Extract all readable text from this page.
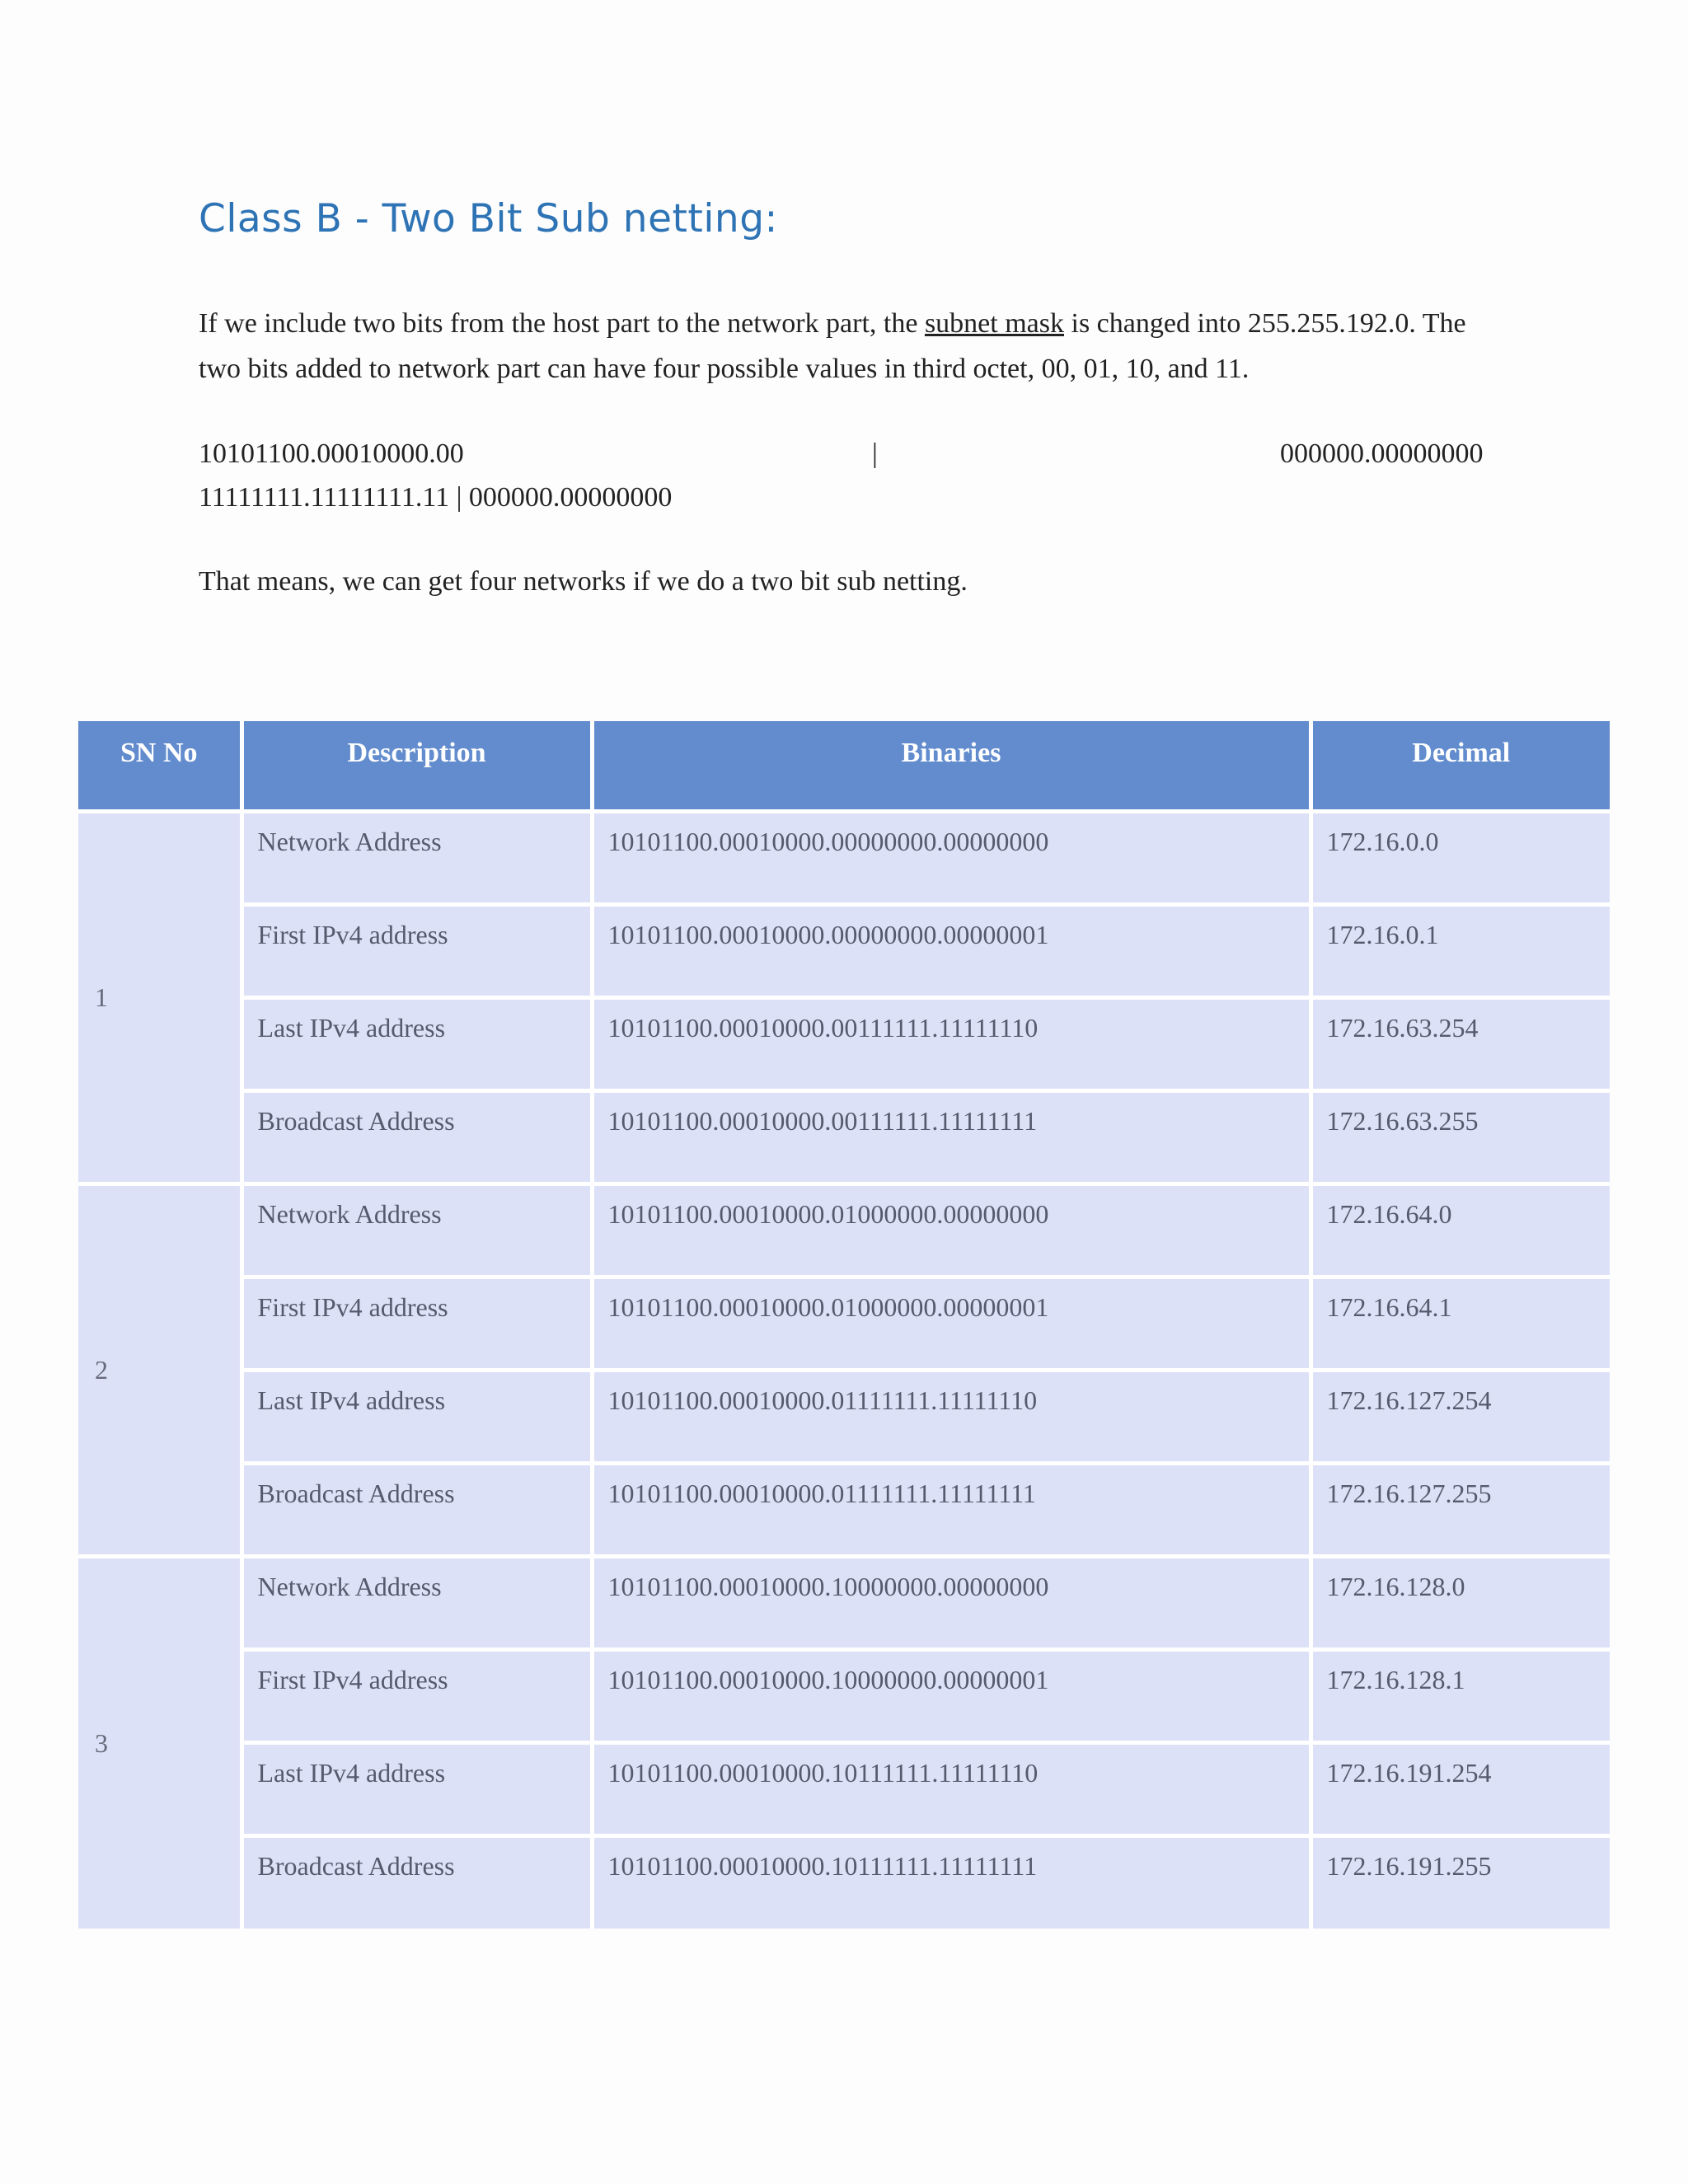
Class B - Two Bit Sub netting:
If we include two bits from the host part to the network part, the subnet mask is changed into 255.255.192.0. The two bits added to network part can have four possible values in third octet, 00, 01, 10, and 11.
10101100.00010000.00	|	000000.00000000
11111111.11111111.11 | 000000.00000000
That means, we can get four networks if we do a two bit sub netting.
SN No	Description	Binaries	Decimal
1	Network Address	10101100.00010000.00000000.00000000	172.16.0.0
	First IPv4 address	10101100.00010000.00000000.00000001	172.16.0.1
	Last IPv4 address	10101100.00010000.00111111.11111110	172.16.63.254
	Broadcast Address	10101100.00010000.00111111.11111111	172.16.63.255
2	Network Address	10101100.00010000.01000000.00000000	172.16.64.0
	First IPv4 address	10101100.00010000.01000000.00000001	172.16.64.1
	Last IPv4 address	10101100.00010000.01111111.11111110	172.16.127.254
	Broadcast Address	10101100.00010000.01111111.11111111	172.16.127.255
3	Network Address	10101100.00010000.10000000.00000000	172.16.128.0
	First IPv4 address	10101100.00010000.10000000.00000001	172.16.128.1
	Last IPv4 address	10101100.00010000.10111111.11111110	172.16.191.254
	Broadcast Address	10101100.00010000.10111111.11111111	172.16.191.255
